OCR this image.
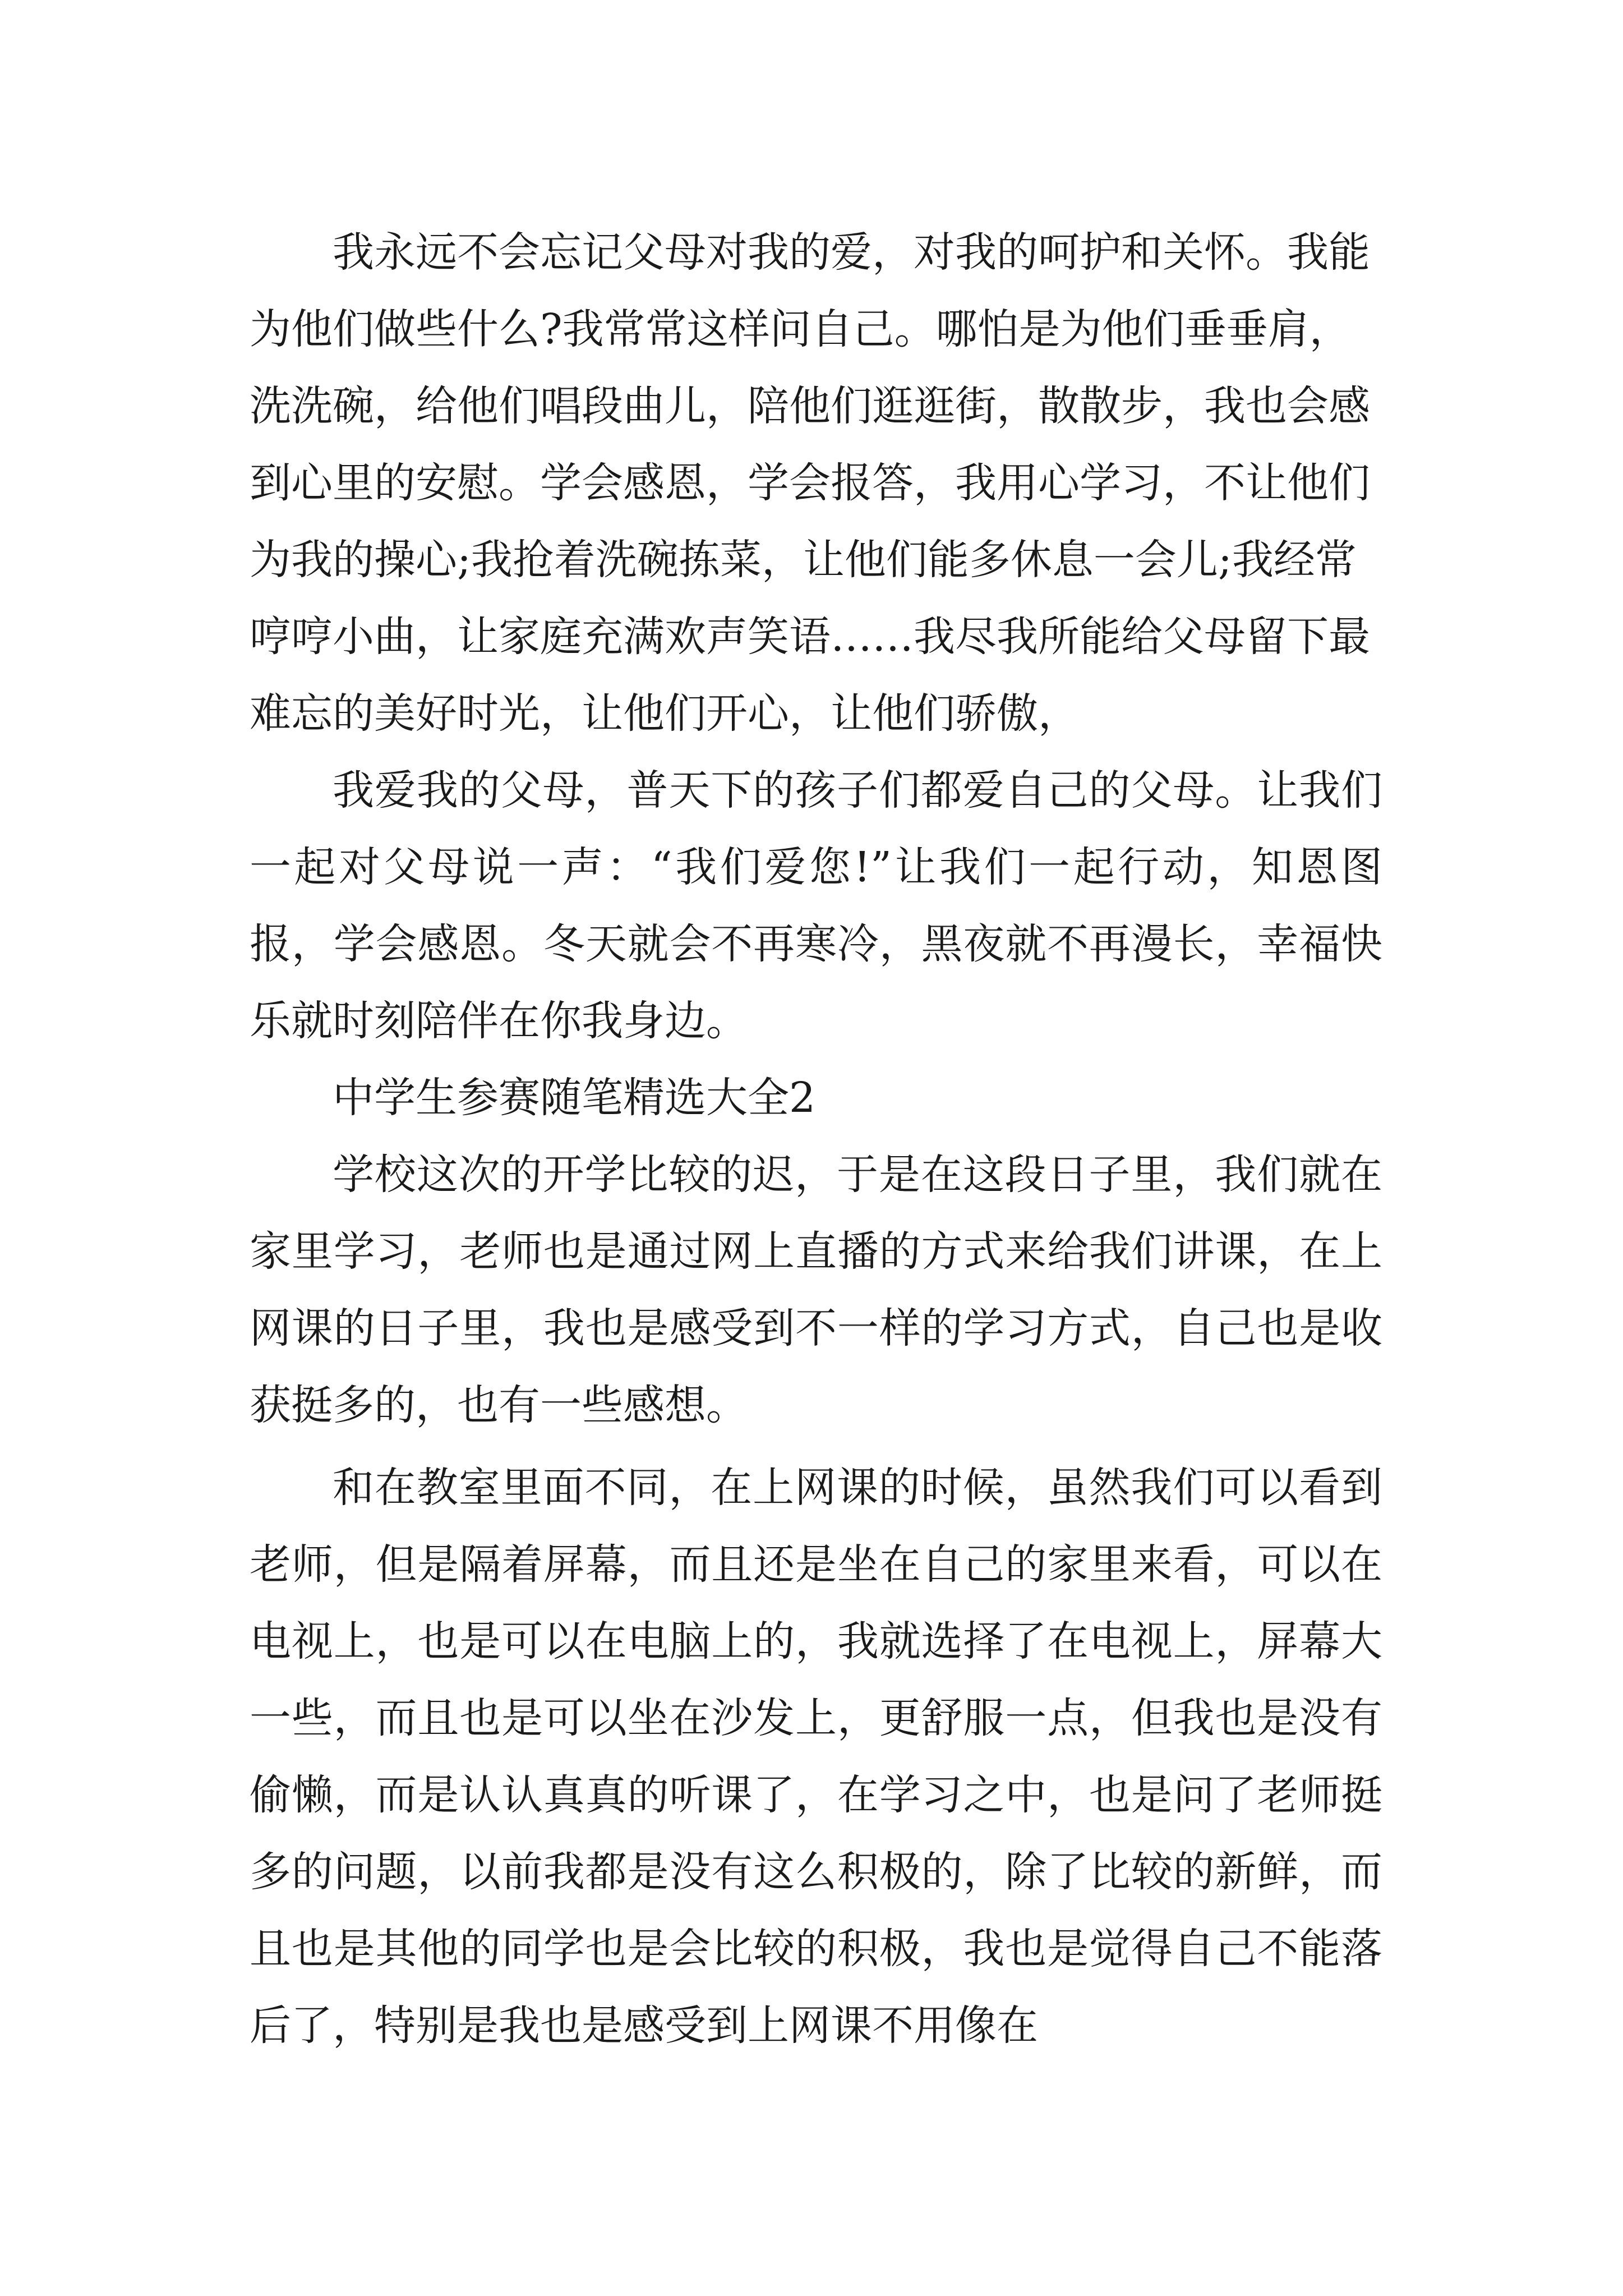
我永远不会忘记父母对我的爱，对我的呵护和关怀。我能为他们做些什么?我常常这样问自己。哪怕是为他们垂垂肩，洗洗碗，给他们唱段曲儿，陪他们逛逛街，散散步，我也会感到心里的安慰。学会感恩，学会报答，我用心学习，不让他们为我的操心;我抢着洗碗拣菜，让他们能多休息一会儿;我经常哼哼小曲，让家庭充满欢声笑语……我尽我所能给父母留下最难忘的美好时光，让他们开心，让他们骄傲，

我爱我的父母，普天下的孩子们都爱自己的父母。让我们一起对父母说一声：“我们爱您!”让我们一起行动，知恩图报，学会感恩。冬天就会不再寒冷，黑夜就不再漫长，幸福快乐就时刻陪伴在你我身边。

中学生参赛随笔精选大全2

学校这次的开学比较的迟，于是在这段日子里，我们就在家里学习，老师也是通过网上直播的方式来给我们讲课，在上网课的日子里，我也是感受到不一样的学习方式，自己也是收获挺多的，也有一些感想。

和在教室里面不同，在上网课的时候，虽然我们可以看到老师，但是隔着屏幕，而且还是坐在自己的家里来看，可以在电视上，也是可以在电脑上的，我就选择了在电视上，屏幕大一些，而且也是可以坐在沙发上，更舒服一点，但我也是没有偷懒，而是认认真真的听课了，在学习之中，也是问了老师挺多的问题，以前我都是没有这么积极的，除了比较的新鲜，而且也是其他的同学也是会比较的积极，我也是觉得自己不能落后了，特别是我也是感受到上网课不用像在
